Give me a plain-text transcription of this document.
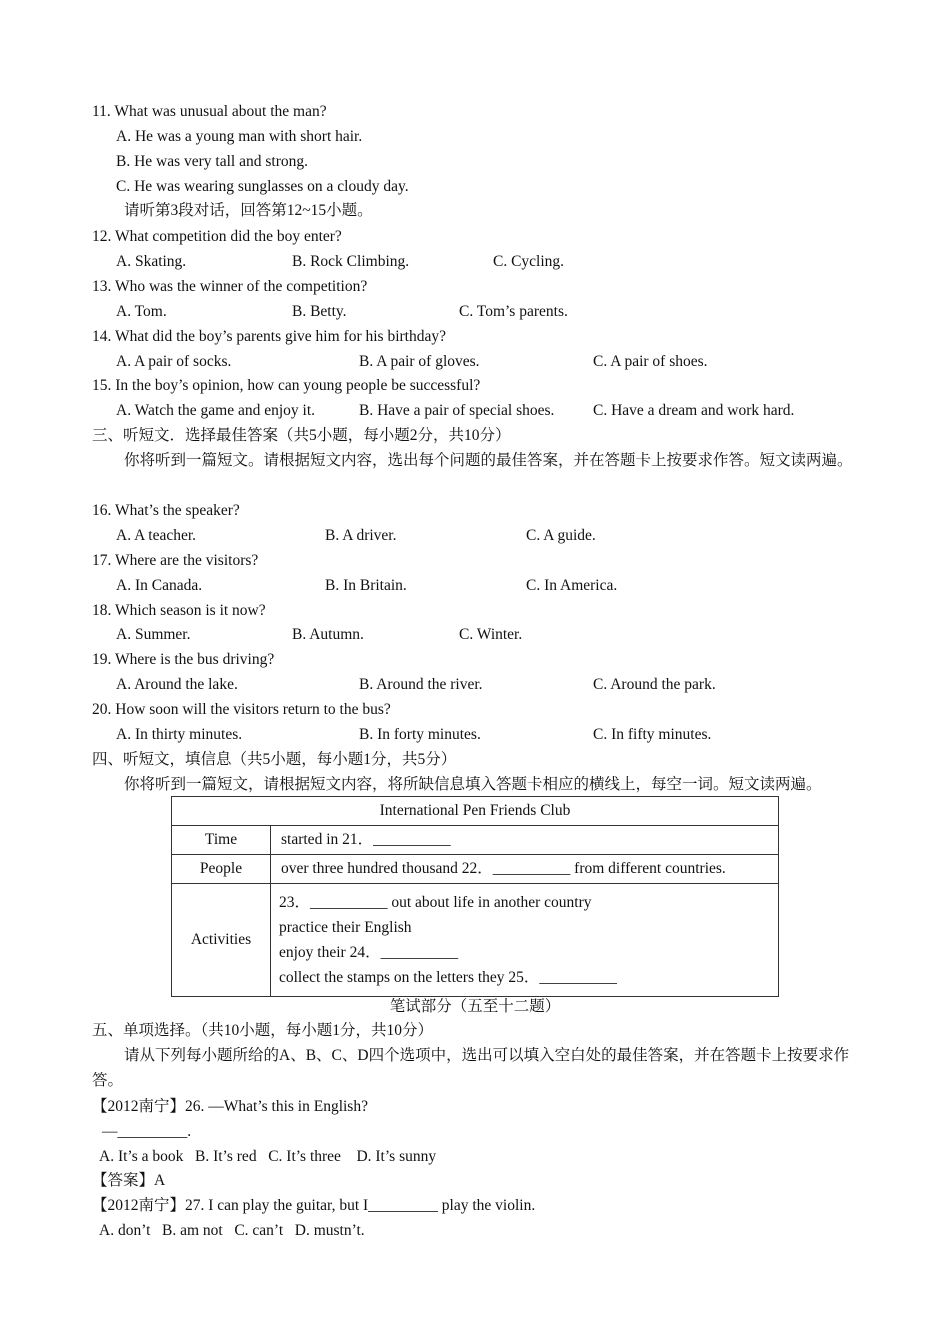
11. What was unusual about the man?
A. He was a young man with short hair.
B. He was very tall and strong.
C. He was wearing sunglasses on a cloudy day.
请听第3段对话，回答第12~15小题。
12. What competition did the boy enter?
A. Skating.	B. Rock Climbing.	C. Cycling.
13. Who was the winner of the competition?
A. Tom.	B. Betty.	C. Tom’s parents.
14. What did the boy’s parents give him for his birthday?
A. A pair of socks.	B. A pair of gloves.	C. A pair of shoes.
15. In the boy’s opinion, how can young people be successful?
A. Watch the game and enjoy it.	B. Have a pair of special shoes. C. Have a dream and work hard.
三、听短文．选择最佳答案（共5小题，每小题2分，共10分）
你将听到一篇短文。请根据短文内容，选出每个问题的最佳答案，并在答题卡上按要求作答。短文读两遍。
16. What’s the speaker?
A. A teacher.	B. A driver.	C. A guide.
17. Where are the visitors?
A. In Canada.	B. In Britain.	C. In America.
18. Which season is it now?
A. Summer.	B. Autumn.	C. Winter.
19. Where is the bus driving?
A. Around the lake.	B. Around the river.	C. Around the park.
20. How soon will the visitors return to the bus?
A. In thirty minutes.	B. In forty minutes.	C. In fifty minutes.
四、听短文，填信息（共5小题，每小题1分，共5分）
你将听到一篇短文，请根据短文内容，将所缺信息填入答题卡相应的横线上，每空一词。短文读两遍。
International Pen Friends Club	
Time	started in 21．__________
People	over three hundred thousand 22．__________ from different countries.
Activities	23．__________ out about life in another country
practice their English
enjoy their 24．__________
collect the stamps on the letters they 25．__________
笔试部分（五至十二题）
五、单项选择。（共10小题，每小题1分，共10分）
请从下列每小题所给的A、B、C、D四个选项中，选出可以填入空白处的最佳答案，并在答题卡上按要求作答。
【2012南宁】26. —What’s this in English?
—_________.
A. It’s a book   B. It’s red   C. It’s three    D. It’s sunny
【答案】A
【2012南宁】27. I can play the guitar, but I_________ play the violin.
A. don’t   B. am not   C. can’t   D. mustn’t.
